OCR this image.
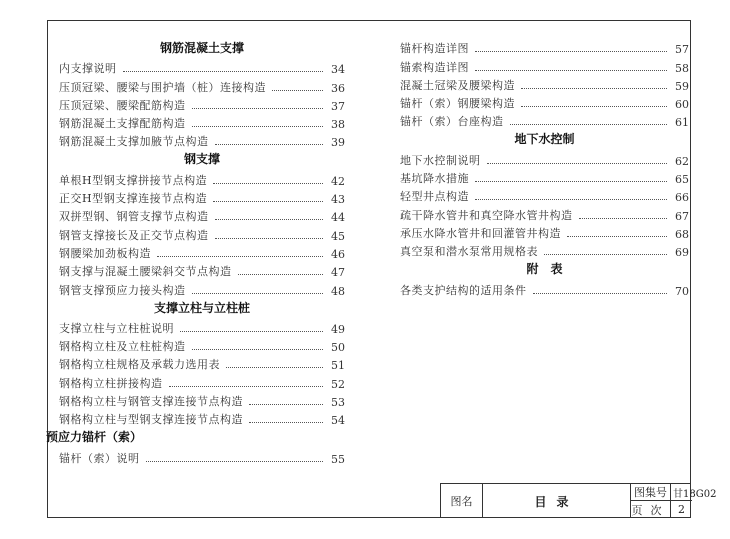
钢筋混凝土支撑
内支撑说明	34
压顶冠梁、腰梁与围护墙（桩）连接构造	36
压顶冠梁、腰梁配筋构造	37
钢筋混凝土支撑配筋构造	38
钢筋混凝土支撑加腋节点构造	39
钢支撑
单根H型钢支撑拼接节点构造	42
正交H型钢支撑连接节点构造	43
双拼型钢、钢管支撑节点构造	44
钢管支撑接长及正交节点构造	45
钢腰梁加劲板构造	46
钢支撑与混凝土腰梁斜交节点构造	47
钢管支撑预应力接头构造	48
支撑立柱与立柱桩
支撑立柱与立柱桩说明	49
钢格构立柱及立柱桩构造	50
钢格构立柱规格及承载力选用表	51
钢格构立柱拼接构造	52
钢格构立柱与钢管支撑连接节点构造	53
钢格构立柱与型钢支撑连接节点构造	54
预应力锚杆（索）
锚杆（索）说明	55
锚杆构造详图	57
锚索构造详图	58
混凝土冠梁及腰梁构造	59
锚杆（索）钢腰梁构造	60
锚杆（索）台座构造	61
地下水控制
地下水控制说明	62
基坑降水措施	65
轻型井点构造	66
疏干降水管井和真空降水管井构造	67
承压水降水管井和回灌管井构造	68
真空泵和潜水泵常用规格表	69
附　表
各类支护结构的适用条件	70
图名	目录
图集号 甘18G02
页次 2
